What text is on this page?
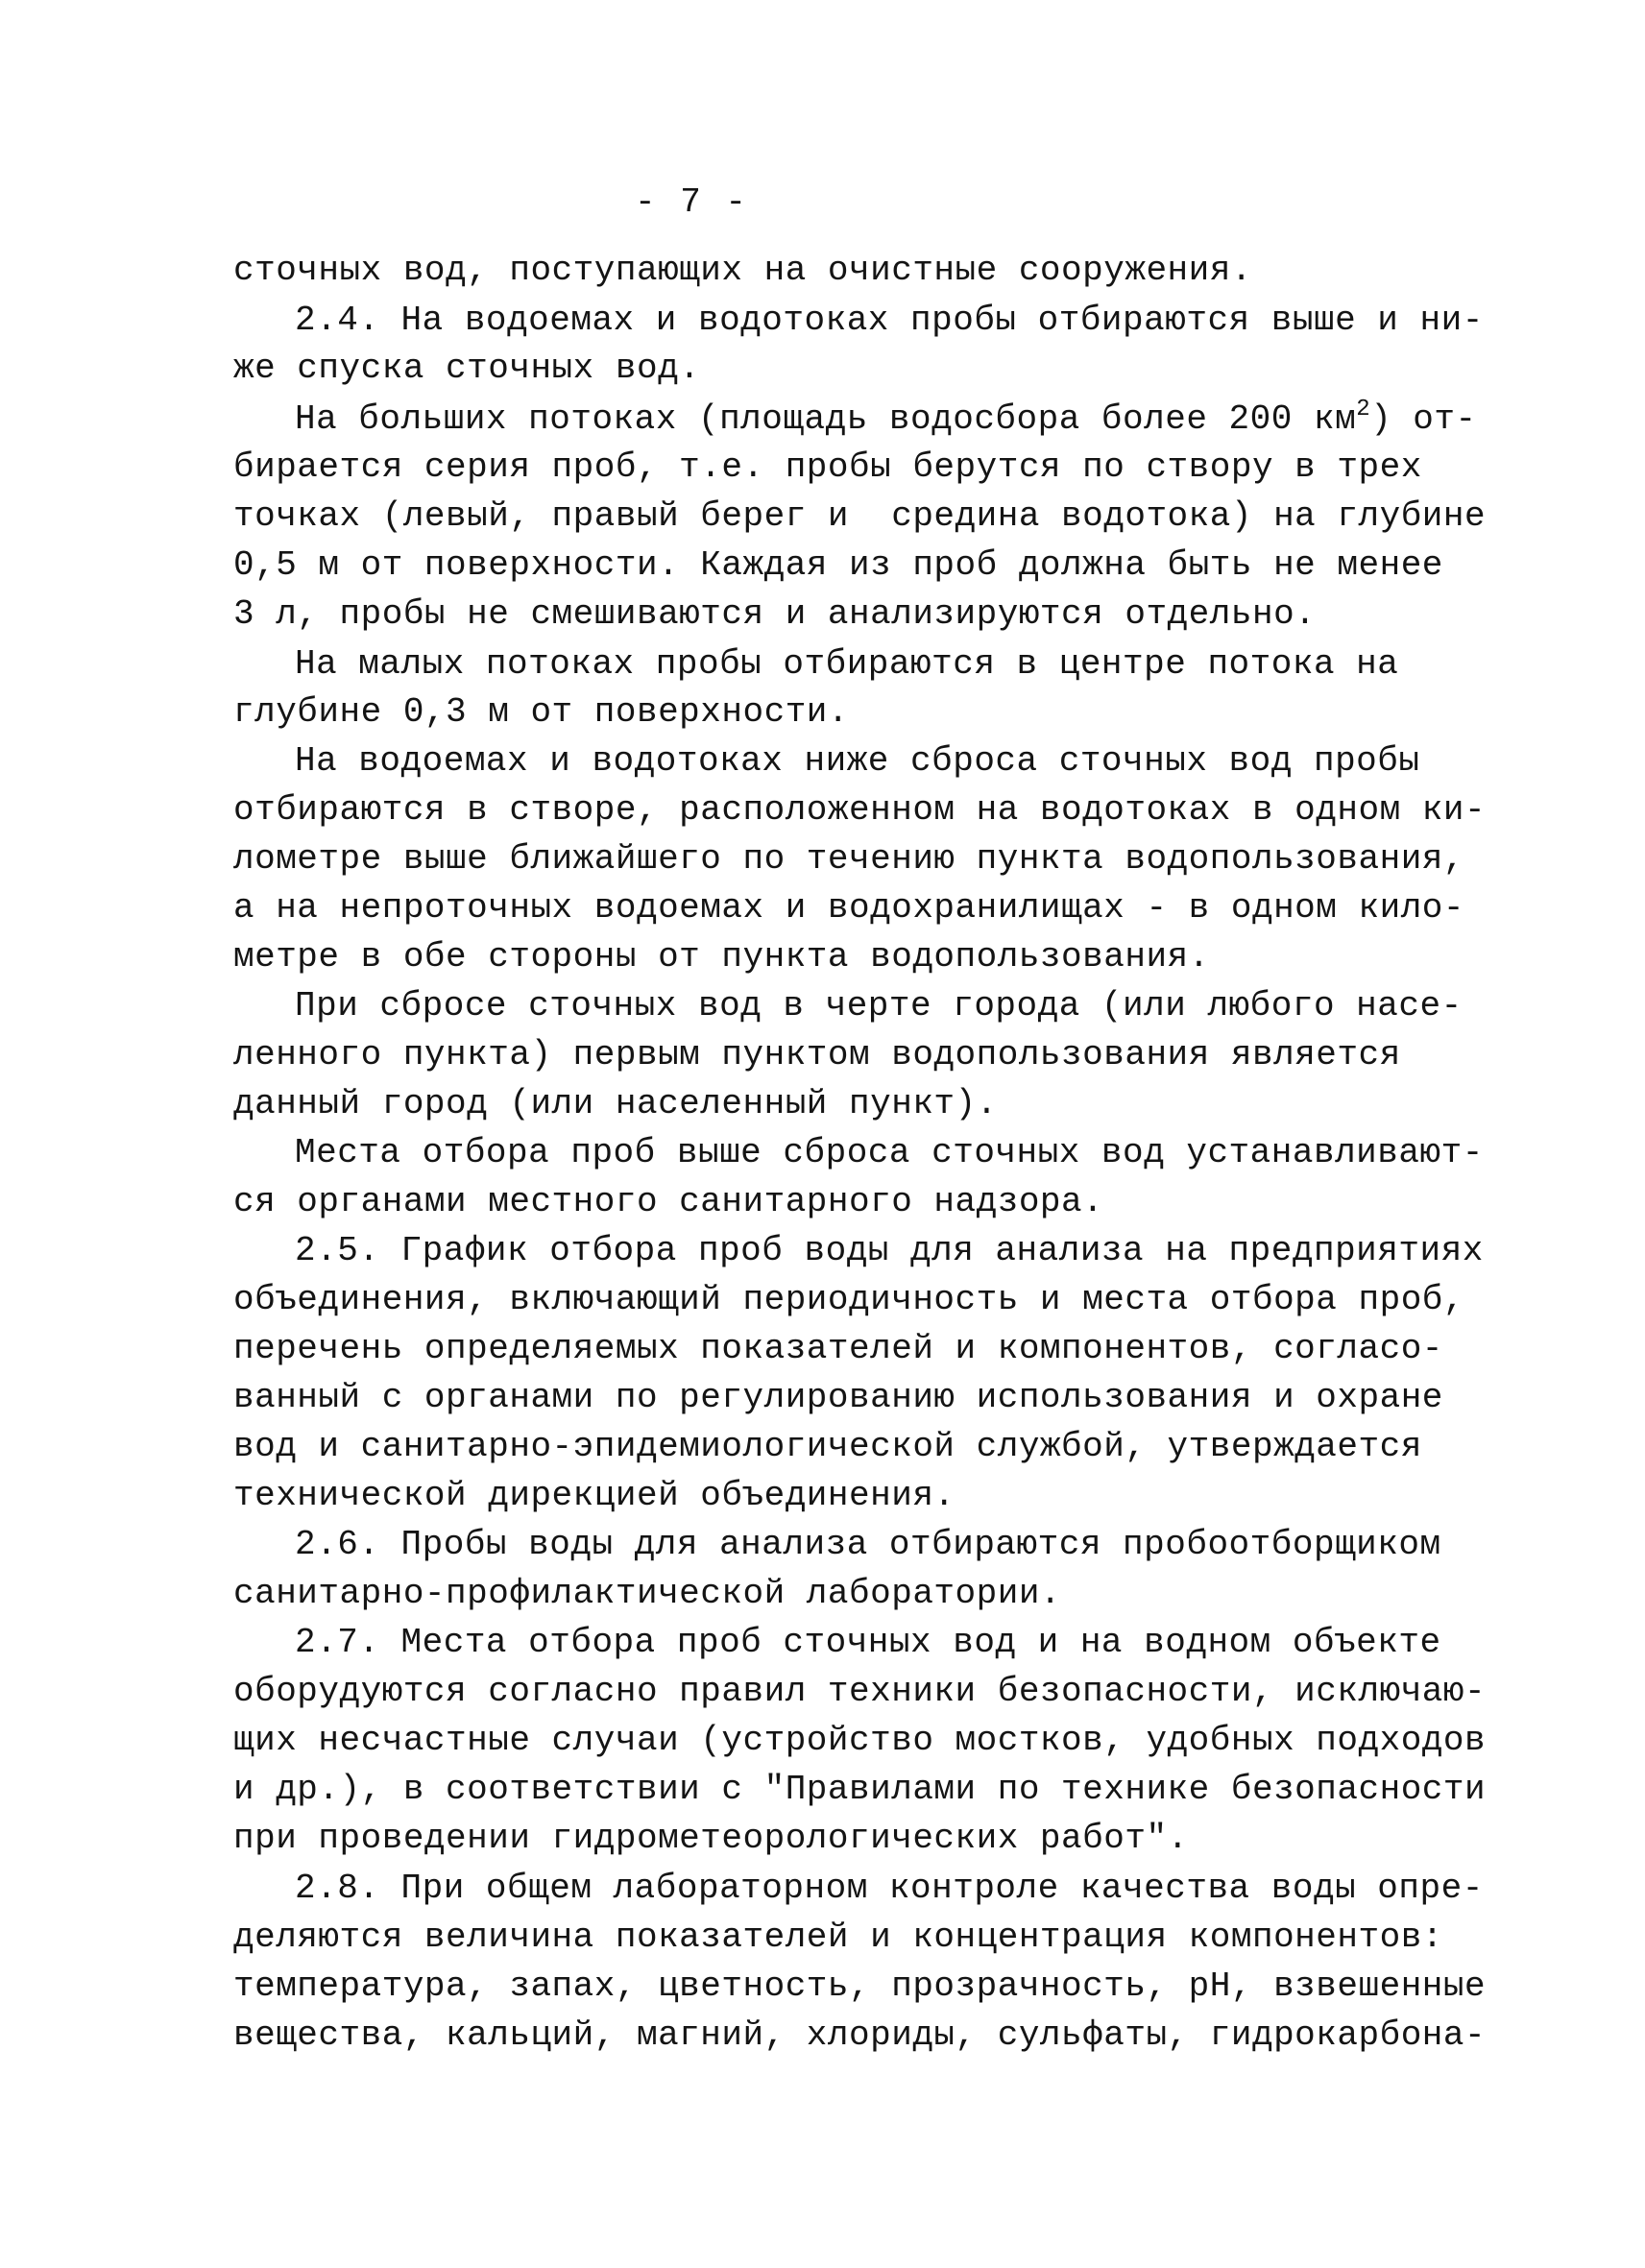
- 7 -
сточных вод, поступающих на очистные сооружения.
2.4. На водоемах и водотоках пробы отбираются выше и ни-
же спуска сточных вод.
На больших потоках (площадь водосбора более 200 $км^2$) от-
бирается серия проб, т.е. пробы берутся по створу в трех
точках (левый, правый берег и  средина водотока) на глубине
0,5 м от поверхности. Каждая из проб должна быть не менее
3 л, пробы не смешиваются и анализируются отдельно.
На малых потоках пробы отбираются в центре потока на
глубине 0,3 м от поверхности.
На водоемах и водотоках ниже сброса сточных вод пробы
отбираются в створе, расположенном на водотоках в одном ки-
лометре выше ближайшего по течению пункта водопользования,
а на непроточных водоемах и водохранилищах - в одном кило-
метре в обе стороны от пункта водопользования.
При сбросе сточных вод в черте города (или любого насе-
ленного пункта) первым пунктом водопользования является
данный город (или населенный пункт).
Места отбора проб выше сброса сточных вод устанавливают-
ся органами местного санитарного надзора.
2.5. График отбора проб воды для анализа на предприятиях
объединения, включающий периодичность и места отбора проб,
перечень определяемых показателей и компонентов, согласо-
ванный с органами по регулированию использования и охране
вод и санитарно-эпидемиологической службой, утверждается
технической дирекцией объединения.
2.6. Пробы воды для анализа отбираются пробоотборщиком
санитарно-профилактической лаборатории.
2.7. Места отбора проб сточных вод и на водном объекте
оборудуются согласно правил техники безопасности, исключаю-
щих несчастные случаи (устройство мостков, удобных подходов
и др.), в соответствии с "Правилами по технике безопасности
при проведении гидрометеорологических работ".
2.8. При общем лабораторном контроле качества воды опре-
деляются величина показателей и концентрация компонентов:
температура, запах, цветность, прозрачность, рН, взвешенные
вещества, кальций, магний, хлориды, сульфаты, гидрокарбона-
